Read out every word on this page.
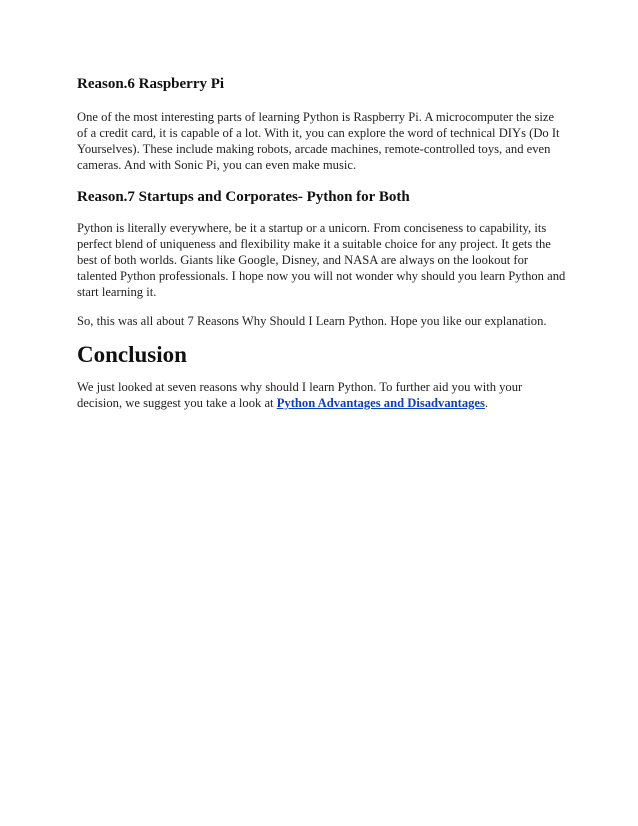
Reason.6 Raspberry Pi

One of the most interesting parts of learning Python is Raspberry Pi. A microcomputer the size of a credit card, it is capable of a lot. With it, you can explore the word of technical DIYs (Do It Yourselves). These include making robots, arcade machines, remote-controlled toys, and even cameras. And with Sonic Pi, you can even make music.

Reason.7 Startups and Corporates- Python for Both

Python is literally everywhere, be it a startup or a unicorn. From conciseness to capability, its perfect blend of uniqueness and flexibility make it a suitable choice for any project. It gets the best of both worlds. Giants like Google, Disney, and NASA are always on the lookout for talented Python professionals. I hope now you will not wonder why should you learn Python and start learning it.

So, this was all about 7 Reasons Why Should I Learn Python. Hope you like our explanation.

Conclusion

We just looked at seven reasons why should I learn Python. To further aid you with your decision, we suggest you take a look at Python Advantages and Disadvantages.
